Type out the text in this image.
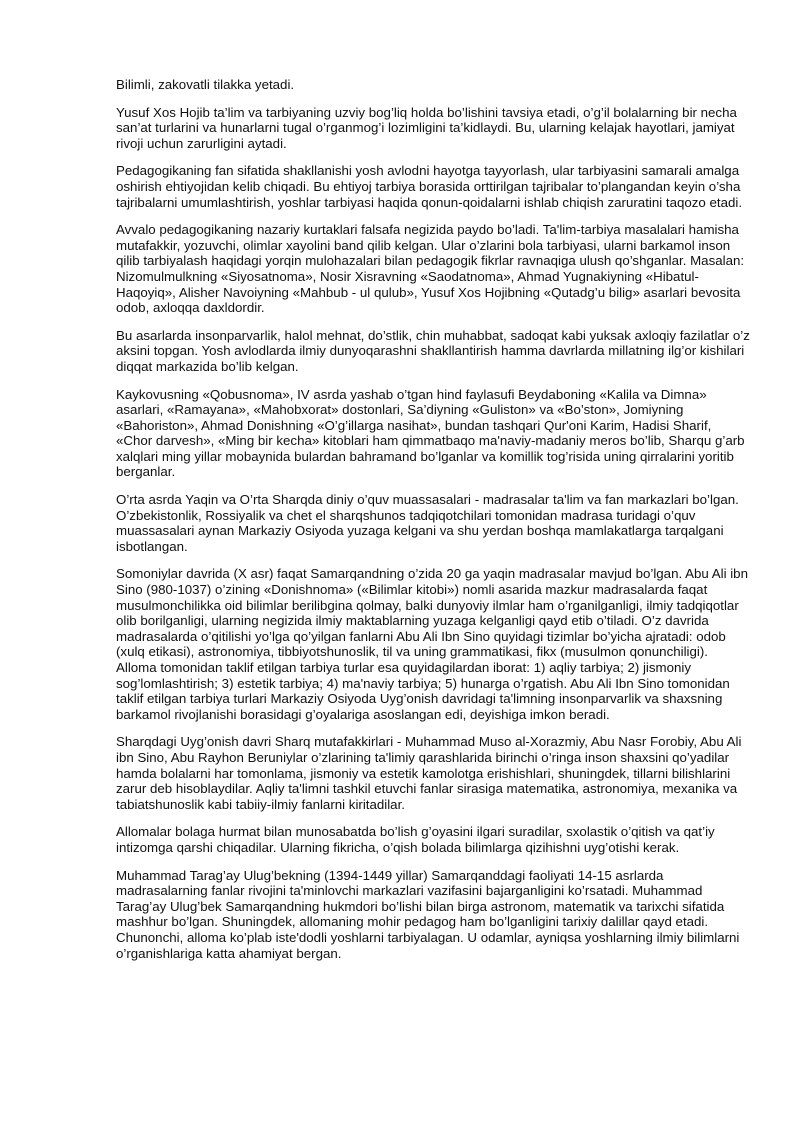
Bilimli, zakovatli tilakka yetadi.

Yusuf Xos Hojib ta’lim va tarbiyaning uzviy bog’liq holda bo’lishini tavsiya etadi, o’g’il bolalarning bir necha san’at turlarini va hunarlarni tugal o’rganmog’i lozimligini ta’kidlaydi. Bu, ularning kelajak hayotlari, jamiyat rivoji uchun zarurligini aytadi.

Pedagogikaning fan sifatida shakllanishi yosh avlodni hayotga tayyorlash, ular tarbiyasini samarali amalga oshirish ehtiyojidan kelib chiqadi. Bu ehtiyoj tarbiya borasida orttirilgan tajribalar to’plangandan keyin o’sha tajribalarni umumlashtirish, yoshlar tarbiyasi haqida qonun-qoidalarni ishlab chiqish zaruratini taqozo etadi.

Avvalo pedagogikaning nazariy kurtaklari falsafa negizida paydo bo’ladi. Ta'lim-tarbiya masalalari hamisha mutafakkir, yozuvchi, olimlar xayolini band qilib kelgan. Ular o’zlarini bola tarbiyasi, ularni barkamol inson qilib tarbiyalash haqidagi yorqin mulohazalari bilan pedagogik fikrlar ravnaqiga ulush qo’shganlar. Masalan: Nizomulmulkning «Siyosatnoma», Nosir Xisravning «Saodatnoma», Ahmad Yugnakiyning «Hibatul-Haqoyiq», Alisher Navoiyning «Mahbub - ul qulub», Yusuf Xos Hojibning «Qutadg’u bilig» asarlari bevosita odob, axloqqa daxldordir.

Bu asarlarda insonparvarlik, halol mehnat, do’stlik, chin muhabbat, sadoqat kabi yuksak axloqiy fazilatlar o’z aksini topgan. Yosh avlodlarda ilmiy dunyoqarashni shakllantirish hamma davrlarda millatning ilg’or kishilari diqqat markazida bo’lib kelgan.

Kaykovusning «Qobusnoma», IV asrda yashab o’tgan hind faylasufi Beydaboning «Kalila va Dimna» asarlari, «Ramayana», «Mahobxorat» dostonlari, Sa’diyning «Guliston» va «Bo’ston», Jomiyning «Bahoriston», Ahmad Donishning «O’g’illarga nasihat», bundan tashqari Qur'oni Karim, Hadisi Sharif, «Chor darvesh», «Ming bir kecha» kitoblari ham qimmatbaqo ma'naviy-madaniy meros bo’lib, Sharqu g’arb xalqlari ming yillar mobaynida bulardan bahramand bo’lganlar va komillik tog’risida uning qirralarini yoritib berganlar.

O’rta asrda Yaqin va O’rta Sharqda diniy o’quv muassasalari - madrasalar ta'lim va fan markazlari bo’lgan. O’zbekistonlik, Rossiyalik va chet el sharqshunos tadqiqotchilari tomonidan madrasa turidagi o’quv muassasalari aynan Markaziy Osiyoda yuzaga kelgani va shu yerdan boshqa mamlakatlarga tarqalgani isbotlangan.

Somoniylar davrida (X asr) faqat Samarqandning o’zida 20 ga yaqin madrasalar mavjud bo’lgan. Abu Ali ibn Sino (980-1037) o’zining «Donishnoma» («Bilimlar kitobi») nomli asarida mazkur madrasalarda faqat musulmonchilikka oid bilimlar berilibgina qolmay, balki dunyoviy ilmlar ham o’rganilganligi, ilmiy tadqiqotlar olib borilganligi, ularning negizida ilmiy maktablarning yuzaga kelganligi qayd etib o’tiladi. O’z davrida madrasalarda o’qitilishi yo’lga qo’yilgan fanlarni Abu Ali Ibn Sino quyidagi tizimlar bo’yicha ajratadi: odob (xulq etikasi), astronomiya, tibbiyotshunoslik, til va uning grammatikasi, fikx (musulmon qonunchiligi). Alloma tomonidan taklif etilgan tarbiya turlar esa quyidagilardan iborat: 1) aqliy tarbiya; 2) jismoniy sog’lomlashtirish; 3) estetik tarbiya; 4) ma'naviy tarbiya; 5) hunarga o’rgatish. Abu Ali Ibn Sino tomonidan taklif etilgan tarbiya turlari Markaziy Osiyoda Uyg’onish davridagi ta'limning insonparvarlik va shaxsning barkamol rivojlanishi borasidagi g’oyalariga asoslangan edi, deyishiga imkon beradi.

Sharqdagi Uyg’onish davri Sharq mutafakkirlari - Muhammad Muso al-Xorazmiy, Abu Nasr Forobiy, Abu Ali ibn Sino, Abu Rayhon Beruniylar o’zlarining ta'limiy qarashlarida birinchi o’ringa inson shaxsini qo’yadilar hamda bolalarni har tomonlama, jismoniy va estetik kamolotga erishishlari, shuningdek, tillarni bilishlarini zarur deb hisoblaydilar. Aqliy ta'limni tashkil etuvchi fanlar sirasiga matematika, astronomiya, mexanika va tabiatshunoslik kabi tabiiy-ilmiy fanlarni kiritadilar.

Allomalar bolaga hurmat bilan munosabatda bo’lish g’oyasini ilgari suradilar, sxolastik o’qitish va qat’iy intizomga qarshi chiqadilar. Ularning fikricha, o’qish bolada bilimlarga qizihishni uyg’otishi kerak.

Muhammad Tarag’ay Ulug’bekning (1394-1449 yillar) Samarqanddagi faoliyati 14-15 asrlarda madrasalarning fanlar rivojini ta'minlovchi markazlari vazifasini bajarganligini ko’rsatadi. Muhammad Tarag’ay Ulug’bek Samarqandning hukmdori bo’lishi bilan birga astronom, matematik va tarixchi sifatida mashhur bo’lgan. Shuningdek, allomaning mohir pedagog ham bo’lganligini tarixiy dalillar qayd etadi. Chunonchi, alloma ko’plab iste'dodli yoshlarni tarbiyalagan. U odamlar, ayniqsa yoshlarning ilmiy bilimlarni o’rganishlariga katta ahamiyat bergan.
